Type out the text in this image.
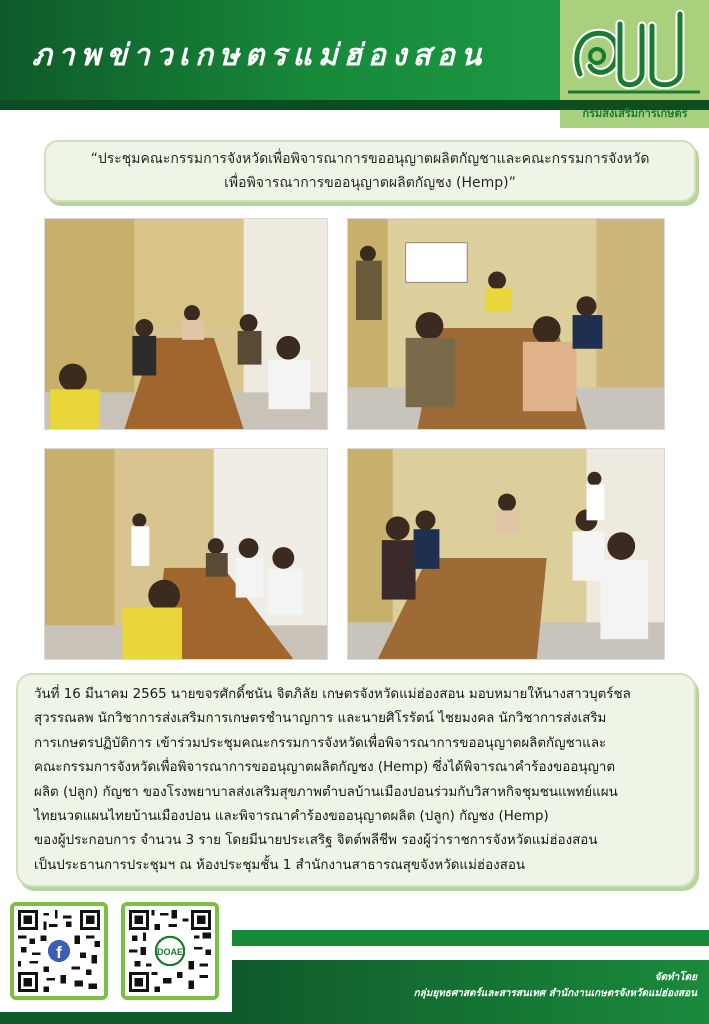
ภาพข่าวเกษตรแม่ฮ่องสอน
กรมส่งเสริมการเกษตร
“ประชุมคณะกรรมการจังหวัดเพื่อพิจารณาการขออนุญาตผลิตกัญชาและคณะกรรมการจังหวัด
เพื่อพิจารณาการขออนุญาตผลิตกัญชง (Hemp)”
วันที่ 16 มีนาคม 2565 นายขจรศักดิ์ชนัน จิตภิลัย เกษตรจังหวัดแม่ฮ่องสอน มอบหมายให้นางสาวบุตร์ชล
สุวรรณลพ นักวิชาการส่งเสริมการเกษตรชำนาญการ และนายศิโรรัตน์ ไชยมงคล นักวิชาการส่งเสริม
การเกษตรปฏิบัติการ เข้าร่วมประชุมคณะกรรมการจังหวัดเพื่อพิจารณาการขออนุญาตผลิตกัญชาและ
คณะกรรมการจังหวัดเพื่อพิจารณาการขออนุญาตผลิตกัญชง (Hemp) ซึ่งได้พิจารณาคำร้องขออนุญาต
ผลิต (ปลูก) กัญชา ของโรงพยาบาลส่งเสริมสุขภาพตำบลบ้านเมืองปอนร่วมกับวิสาหกิจชุมชนแพทย์แผน
ไทยนวดแผนไทยบ้านเมืองปอน และพิจารณาคำร้องขออนุญาตผลิต (ปลูก) กัญชง (Hemp)
ของผู้ประกอบการ จำนวน 3 ราย โดยมีนายประเสริฐ จิตต์พลีชีพ รองผู้ว่าราชการจังหวัดแม่ฮ่องสอน
เป็นประธานการประชุมฯ ณ ห้องประชุมชั้น 1 สำนักงานสาธารณสุขจังหวัดแม่ฮ่องสอน
f	DOAE
จัดทำโดย
กลุ่มยุทธศาสตร์และสารสนเทศ สำนักงานเกษตรจังหวัดแม่ฮ่องสอน
